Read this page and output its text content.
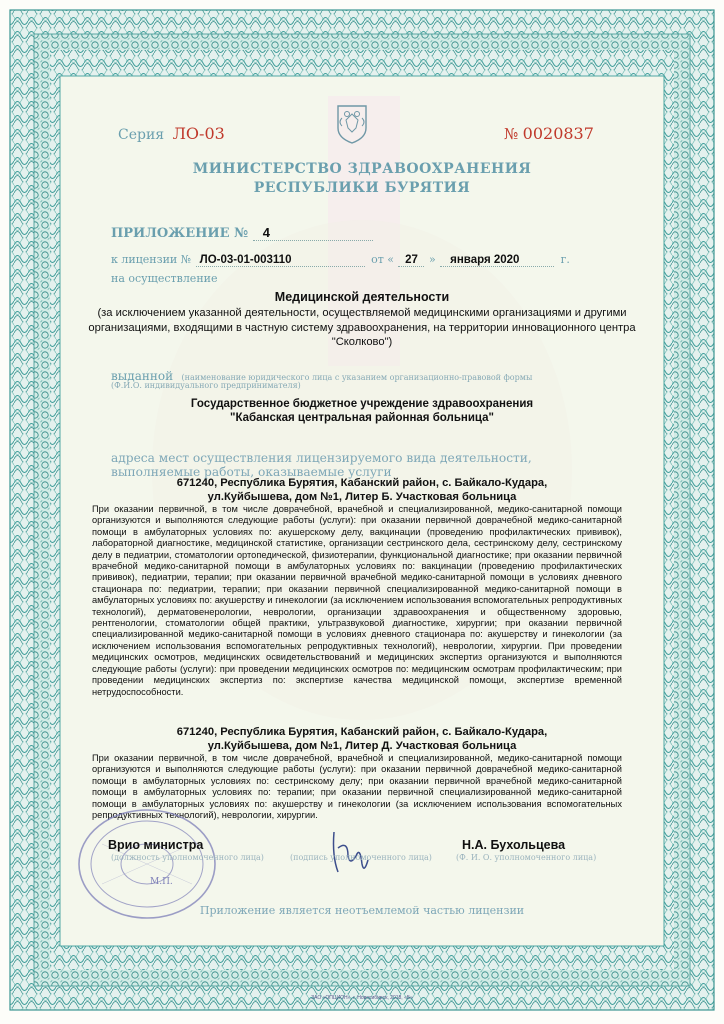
Серия ЛО-03	№ 0020837
МИНИСТЕРСТВО ЗДРАВООХРАНЕНИЯ
РЕСПУБЛИКИ БУРЯТИЯ
ПРИЛОЖЕНИЕ № 4
к лицензии № ЛО-03-01-003110	от « 27 » января 2020	г.
на осуществление
Медицинской деятельности
(за исключением указанной деятельности, осуществляемой медицинскими организациями и другими организациями, входящими в частную систему здравоохранения, на территории инновационного центра "Сколково")
выданной (наименование юридического лица с указанием организационно-правовой формы
(Ф.И.О. индивидуального предпринимателя)
Государственное бюджетное учреждение здравоохранения
"Кабанская центральная районная больница"
адреса мест осуществления лицензируемого вида деятельности,
выполняемые работы, оказываемые услуги
671240, Республика Бурятия, Кабанский район, с. Байкало-Кудара,
ул.Куйбышева, дом №1, Литер Б. Участковая больница
При оказании первичной, в том числе доврачебной, врачебной и специализированной, медико-санитарной помощи организуются и выполняются следующие работы (услуги): при оказании первичной доврачебной медико-санитарной помощи в амбулаторных условиях по: акушерскому делу, вакцинации (проведению профилактических прививок), лабораторной диагностике, медицинской статистике, организации сестринского дела, сестринскому делу, сестринскому делу в педиатрии, стоматологии ортопедической, физиотерапии, функциональной диагностике; при оказании первичной врачебной медико-санитарной помощи в амбулаторных условиях по: вакцинации (проведению профилактических прививок), педиатрии, терапии; при оказании первичной врачебной медико-санитарной помощи в условиях дневного стационара по: педиатрии, терапии; при оказании первичной специализированной медико-санитарной помощи в амбулаторных условиях по: акушерству и гинекологии (за исключением использования вспомогательных репродуктивных технологий), дерматовенерологии, неврологии, организации здравоохранения и общественному здоровью, рентгенологии, стоматологии общей практики, ультразвуковой диагностике, хирургии; при оказании первичной специализированной медико-санитарной помощи в условиях дневного стационара по: акушерству и гинекологии (за исключением использования вспомогательных репродуктивных технологий), неврологии, хирургии. При проведении медицинских осмотров, медицинских освидетельствований и медицинских экспертиз организуются и выполняются следующие работы (услуги): при проведении медицинских осмотров по: медицинским осмотрам профилактическим; при проведении медицинских экспертиз по: экспертизе качества медицинской помощи, экспертизе временной нетрудоспособности.
671240, Республика Бурятия, Кабанский район, с. Байкало-Кудара,
ул.Куйбышева, дом №1, Литер Д. Участковая больница
При оказании первичной, в том числе доврачебной, врачебной и специализированной, медико-санитарной помощи организуются и выполняются следующие работы (услуги): при оказании первичной доврачебной медико-санитарной помощи в амбулаторных условиях по: сестринскому делу; при оказании первичной врачебной медико-санитарной помощи в амбулаторных условиях по: терапии; при оказании первичной специализированной медико-санитарной помощи в амбулаторных условиях по: акушерству и гинекологии (за исключением использования вспомогательных репродуктивных технологий), неврологии, хирургии.
Врио министра	Н.А. Бухольцева
(должность уполномоченного лица)	(подпись уполномоченного лица)	(Ф. И. О. уполномоченного лица)
М.П.
Приложение является неотъемлемой частью лицензии
ЗАО «ОПЦИОН», г. Новосибирск, 2018, «Б»
